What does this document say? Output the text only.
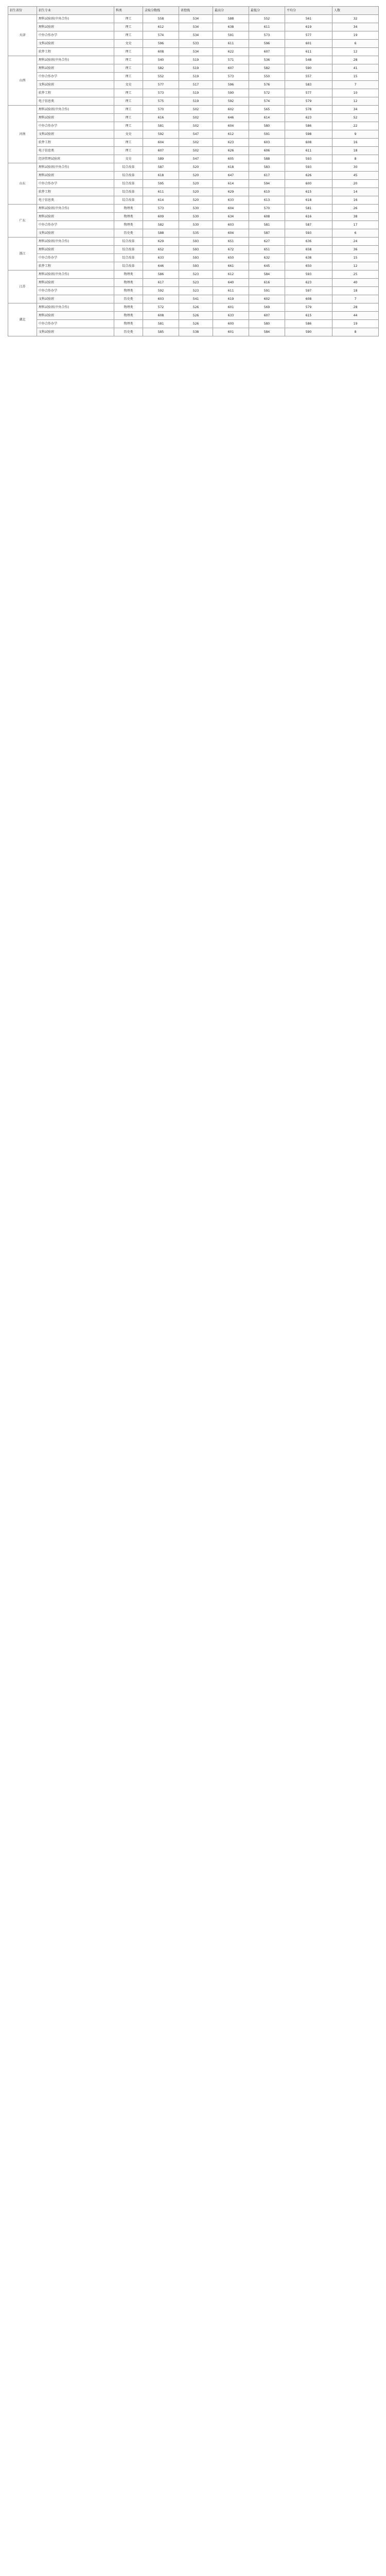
招生省份	招生专业	科类	录取分数线	省控线	最高分	最低分	平均分	人数
天津	理科试验班(中外合作)	理工	558	534	588	552	561	32
	理科试验班	理工	612	534	638	611	619	34
	中外合作办学	理工	574	534	591	573	577	19
	文科试验班	文史	596	533	611	596	601	6
	软件工程	理工	608	534	622	607	611	12
山西	理科试验班(中外合作)	理工	540	519	571	536	548	28
	理科试验班	理工	582	519	607	582	590	41
	中外合作办学	理工	552	519	573	550	557	15
	文科试验班	文史	577	517	596	576	583	7
	软件工程	理工	573	519	590	572	577	10
	电子信息类	理工	575	519	592	574	579	12
河南	理科试验班(中外合作)	理工	570	502	602	565	578	34
	理科试验班	理工	616	502	646	614	623	52
	中外合作办学	理工	581	502	604	580	586	22
	文科试验班	文史	592	547	612	591	598	9
	软件工程	理工	604	502	623	603	608	16
	电子信息类	理工	607	502	626	606	611	18
	经济管理试验班	文史	589	547	605	588	593	8
山东	理科试验班(中外合作)	综合改革	587	520	618	583	593	30
	理科试验班	综合改革	618	520	647	617	626	45
	中外合作办学	综合改革	595	520	614	594	600	20
	软件工程	综合改革	611	520	629	610	615	14
	电子信息类	综合改革	614	520	633	613	618	16
广东	理科试验班(中外合作)	物理类	573	530	604	570	581	26
	理科试验班	物理类	609	530	634	608	616	38
	中外合作办学	物理类	582	530	603	581	587	17
	文科试验班	历史类	588	535	604	587	593	6
浙江	理科试验班(中外合作)	综合改革	629	593	651	627	636	24
	理科试验班	综合改革	652	593	672	651	658	36
	中外合作办学	综合改革	633	593	650	632	638	15
	软件工程	综合改革	646	593	661	645	650	12
江苏	理科试验班(中外合作)	物理类	586	523	612	584	593	25
	理科试验班	物理类	617	523	640	616	623	40
	中外合作办学	物理类	592	523	611	591	597	18
	文科试验班	历史类	603	541	619	602	608	7
湖北	理科试验班(中外合作)	物理类	572	526	601	569	579	28
	理科试验班	物理类	608	526	633	607	615	44
	中外合作办学	物理类	581	526	600	580	586	19
	文科试验班	历史类	585	538	601	584	590	8
